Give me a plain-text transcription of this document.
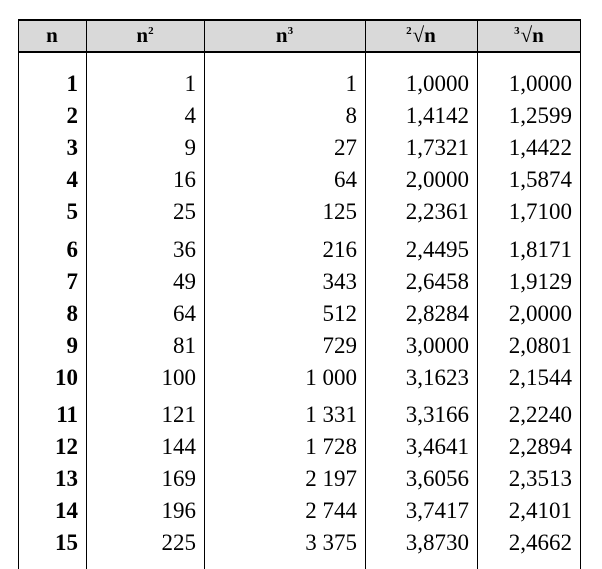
n	$n^2$	$n^3$	$^2$√n	$^3$√n
1	1	1	1,0000	1,0000
2	4	8	1,4142	1,2599
3	9	27	1,7321	1,4422
4	16	64	2,0000	1,5874
5	25	125	2,2361	1,7100
6	36	216	2,4495	1,8171
7	49	343	2,6458	1,9129
8	64	512	2,8284	2,0000
9	81	729	3,0000	2,0801
10	100	1 000	3,1623	2,1544
11	121	1 331	3,3166	2,2240
12	144	1 728	3,4641	2,2894
13	169	2 197	3,6056	2,3513
14	196	2 744	3,7417	2,4101
15	225	3 375	3,8730	2,4662
